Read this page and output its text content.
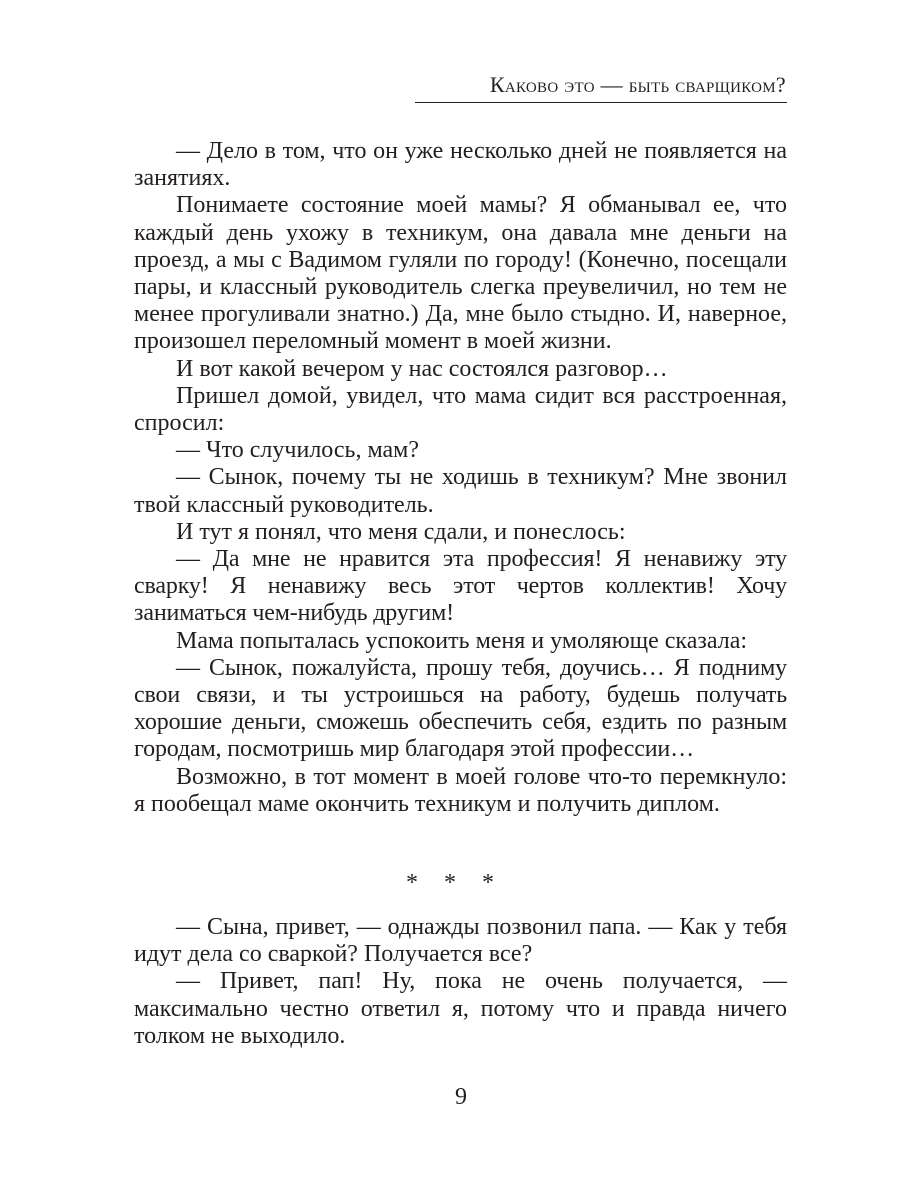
Каково это — быть сварщиком?

— Дело в том, что он уже несколько дней не появляется на занятиях.

Понимаете состояние моей мамы? Я обманывал ее, что каждый день ухожу в техникум, она давала мне деньги на проезд, а мы с Вадимом гуляли по городу! (Конечно, посещали пары, и классный руководитель слегка преувеличил, но тем не менее прогуливали знатно.) Да, мне было стыдно. И, наверное, произошел переломный момент в моей жизни.

И вот какой вечером у нас состоялся разговор…

Пришел домой, увидел, что мама сидит вся расстроенная, спросил:

— Что случилось, мам?

— Сынок, почему ты не ходишь в техникум? Мне звонил твой классный руководитель.

И тут я понял, что меня сдали, и понеслось:

— Да мне не нравится эта профессия! Я ненавижу эту сварку! Я ненавижу весь этот чертов коллектив! Хочу заниматься чем-нибудь другим!

Мама попыталась успокоить меня и умоляюще сказала:

— Сынок, пожалуйста, прошу тебя, доучись… Я подниму свои связи, и ты устроишься на работу, будешь получать хорошие деньги, сможешь обеспечить себя, ездить по разным городам, посмотришь мир благодаря этой профессии…

Возможно, в тот момент в моей голове что-то перемкнуло: я пообещал маме окончить техникум и получить диплом.

* * *

— Сына, привет, — однажды позвонил папа. — Как у тебя идут дела со сваркой? Получается все?

— Привет, пап! Ну, пока не очень получается, — максимально честно ответил я, потому что и правда ничего толком не выходило.

9
